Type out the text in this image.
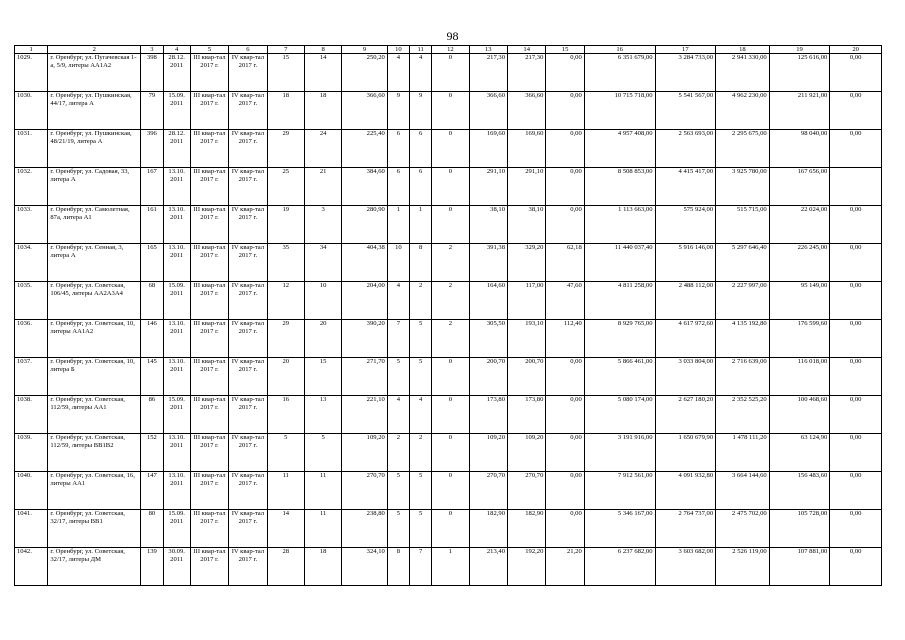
98
1	2	3	4	5	6	7	8	9	10	11	12	13	14	15	16	17	18	19	20
1029.	г. Оренбург, ул. Пугачевская 1-а, 5/9, литеры АА1А2	398	28.12. 2011	III квар-тал 2017 г.	IV квар-тал 2017 г.	15	14	250,20	4	4	0	217,30	217,30	0,00	6 351 679,00	3 284 733,00	2 941 330,00	125 616,00	0,00
1030.	г. Оренбург, ул. Пушкинская, 44/17, литера А	79	15.09. 2011	III квар-тал 2017 г.	IV квар-тал 2017 г.	18	18	366,60	9	9	0	366,60	366,60	0,00	10 715 718,00	5 541 567,00	4 962 230,00	211 921,00	0,00
1031.	г. Оренбург, ул. Пушкинская, 48/21/19, литера А	396	28.12. 2011	III квар-тал 2017 г.	IV квар-тал 2017 г.	29	24	225,40	6	6	0	169,60	169,60	0,00	4 957 408,00	2 563 693,00	2 295 675,00	98 040,00	0,00
1032.	г. Оренбург, ул. Садовая, 33, литера А	167	13.10. 2011	III квар-тал 2017 г.	IV квар-тал 2017 г.	25	21	384,60	6	6	0	291,10	291,10	0,00	8 508 853,00	4 415 417,00	3 925 780,00	167 656,00	
1033.	г. Оренбург, ул. Самолетная, 87а, литера А1	161	13.10. 2011	III квар-тал 2017 г.	IV квар-тал 2017 г.	19	3	280,90	1	1	0	38,10	38,10	0,00	1 113 663,00	575 924,00	515 715,00	22 024,00	0,00
1034.	г. Оренбург, ул. Сенная, 3, литера А	165	13.10. 2011	III квар-тал 2017 г.	IV квар-тал 2017 г.	35	34	404,38	10	8	2	391,38	329,20	62,18	11 440 037,40	5 916 146,00	5 297 646,40	226 245,00	0,00
1035.	г. Оренбург, ул. Советская, 106/45, литеры АА2А3А4	68	15.09. 2011	III квар-тал 2017 г.	IV квар-тал 2017 г.	12	10	204,00	4	2	2	164,60	117,00	47,60	4 811 258,00	2 488 112,00	2 227 997,00	95 149,00	0,00
1036.	г. Оренбург, ул. Советская, 10, литеры АА1А2	146	13.10. 2011	III квар-тал 2017 г.	IV квар-тал 2017 г.	29	20	390,20	7	5	2	305,50	193,10	112,40	8 929 765,00	4 617 972,60	4 135 192,80	176 599,60	0,00
1037.	г. Оренбург, ул. Советская, 10, литера Б	145	13.10. 2011	III квар-тал 2017 г.	IV квар-тал 2017 г.	20	15	271,70	5	5	0	200,70	200,70	0,00	5 866 461,00	3 033 804,00	2 716 639,00	116 018,00	0,00
1038.	г. Оренбург, ул. Советская, 112/59, литеры АА1	86	15.09. 2011	III квар-тал 2017 г.	IV квар-тал 2017 г.	16	13	221,10	4	4	0	173,80	173,80	0,00	5 080 174,00	2 627 180,20	2 352 525,20	100 468,60	0,00
1039.	г. Оренбург, ул. Советская, 112/59, литеры ВВ1В2	152	13.10. 2011	III квар-тал 2017 г.	IV квар-тал 2017 г.	5	5	109,20	2	2	0	109,20	109,20	0,00	3 191 916,00	1 650 679,90	1 478 111,20	63 124,90	0,00
1040.	г. Оренбург, ул. Советская, 16, литеры АА1	147	13.10. 2011	III квар-тал 2017 г.	IV квар-тал 2017 г.	11	11	270,70	5	5	0	270,70	270,70	0,00	7 912 561,00	4 091 932,80	3 664 144,60	156 483,60	0,00
1041.	г. Оренбург, ул. Советская, 32/17, литеры ВВ1	80	15.09. 2011	III квар-тал 2017 г.	IV квар-тал 2017 г.	14	11	238,80	5	5	0	182,90	182,90	0,00	5 346 167,00	2 764 737,00	2 475 702,00	105 728,00	0,00
1042.	г. Оренбург, ул. Советская, 32/17, литеры ДМ	139	30.09. 2011	III квар-тал 2017 г.	IV квар-тал 2017 г.	28	18	324,10	8	7	1	213,40	192,20	21,20	6 237 682,00	3 603 682,00	2 526 119,00	107 881,00	0,00
